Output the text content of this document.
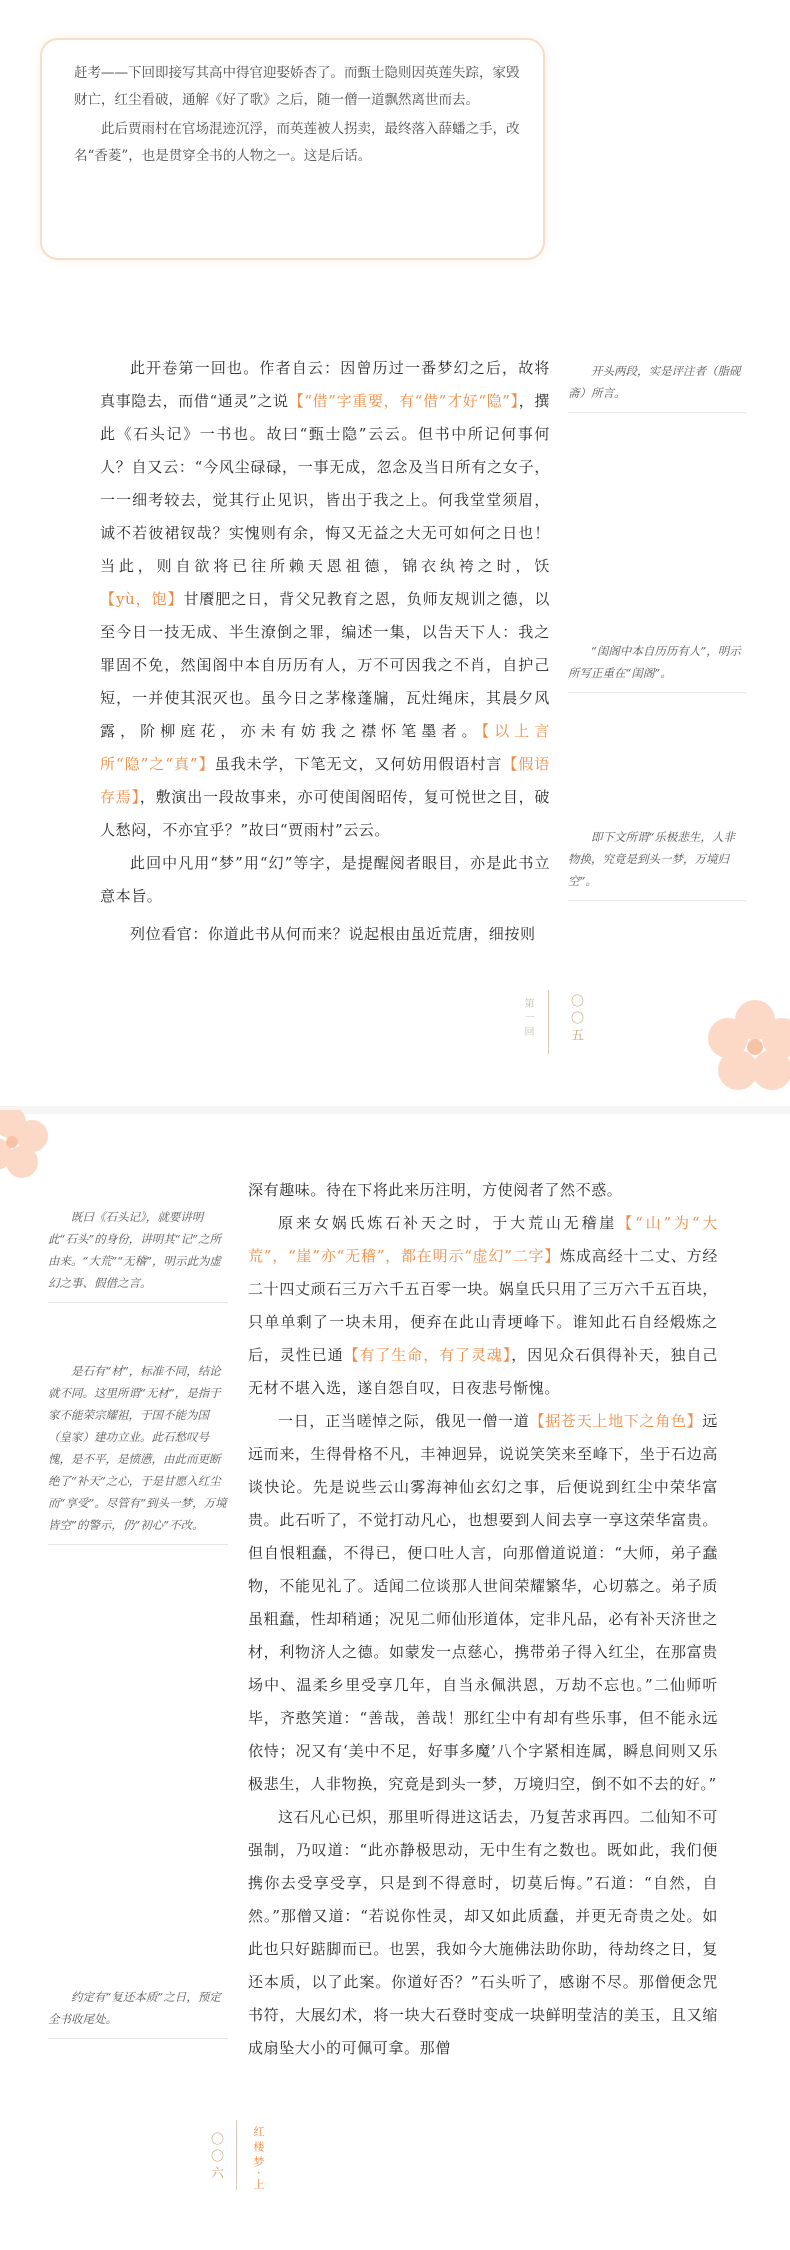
赶考——下回即接写其高中得官迎娶娇杏了。而甄士隐则因英莲失踪，家毁财亡，红尘看破，通解《好了歌》之后，随一僧一道飘然离世而去。

此后贾雨村在官场混迹沉浮，而英莲被人拐卖，最终落入薛蟠之手，改名“香菱”，也是贯穿全书的人物之一。这是后话。

此开卷第一回也。作者自云：因曾历过一番梦幻之后，故将真事隐去，而借“通灵”之说【“借”字重要，有“借”才好“隐”】，撰此《石头记》一书也。故曰“甄士隐”云云。但书中所记何事何人？自又云：“今风尘碌碌，一事无成，忽念及当日所有之女子，一一细考较去，觉其行止见识，皆出于我之上。何我堂堂须眉，诚不若彼裙钗哉？实愧则有余，悔又无益之大无可如何之日也！当此，则自欲将已往所赖天恩祖德，锦衣纨袴之时，饫【yù，饱】甘餍肥之日，背父兄教育之恩，负师友规训之德，以至今日一技无成、半生潦倒之罪，编述一集，以告天下人：我之罪固不免，然闺阁中本自历历有人，万不可因我之不肖，自护己短，一并使其泯灭也。虽今日之茅椽蓬牖，瓦灶绳床，其晨夕风露，阶柳庭花，亦未有妨我之襟怀笔墨者。【以上言所“隐”之“真”】虽我未学，下笔无文，又何妨用假语村言【假语存焉】，敷演出一段故事来，亦可使闺阁昭传，复可悦世之目，破人愁闷，不亦宜乎？”故曰“贾雨村”云云。

此回中凡用“梦”用“幻”等字，是提醒阅者眼目，亦是此书立意本旨。

列位看官：你道此书从何而来？说起根由虽近荒唐，细按则

开头两段，实是评注者（脂砚斋）所言。
“闺阁中本自历历有人”，明示所写正重在“闺阁”。
即下文所谓“乐极悲生，人非物换，究竟是到头一梦，万境归空”。
第一回	〇〇五

深有趣味。待在下将此来历注明，方使阅者了然不惑。

原来女娲氏炼石补天之时，于大荒山无稽崖【“山”为“大荒”，“崖”亦“无稽”，都在明示“虚幻”二字】炼成高经十二丈、方经二十四丈顽石三万六千五百零一块。娲皇氏只用了三万六千五百块，只单单剩了一块未用，便弃在此山青埂峰下。谁知此石自经煅炼之后，灵性已通【有了生命，有了灵魂】，因见众石俱得补天，独自己无材不堪入选，遂自怨自叹，日夜悲号惭愧。

一日，正当嗟悼之际，俄见一僧一道【据苍天上地下之角色】远远而来，生得骨格不凡，丰神迥异，说说笑笑来至峰下，坐于石边高谈快论。先是说些云山雾海神仙玄幻之事，后便说到红尘中荣华富贵。此石听了，不觉打动凡心，也想要到人间去享一享这荣华富贵。但自恨粗蠢，不得已，便口吐人言，向那僧道说道：“大师，弟子蠢物，不能见礼了。适闻二位谈那人世间荣耀繁华，心切慕之。弟子质虽粗蠢，性却稍通；况见二师仙形道体，定非凡品，必有补天济世之材，利物济人之德。如蒙发一点慈心，携带弟子得入红尘，在那富贵场中、温柔乡里受享几年，自当永佩洪恩，万劫不忘也。”二仙师听毕，齐憨笑道：“善哉，善哉！那红尘中有却有些乐事，但不能永远依恃；况又有‘美中不足，好事多魔’八个字紧相连属，瞬息间则又乐极悲生，人非物换，究竟是到头一梦，万境归空，倒不如不去的好。”

这石凡心已炽，那里听得进这话去，乃复苦求再四。二仙知不可强制，乃叹道：“此亦静极思动，无中生有之数也。既如此，我们便携你去受享受享，只是到不得意时，切莫后悔。”石道：“自然，自然。”那僧又道：“若说你性灵，却又如此质蠢，并更无奇贵之处。如此也只好踮脚而已。也罢，我如今大施佛法助你助，待劫终之日，复还本质，以了此案。你道好否？”石头听了，感谢不尽。那僧便念咒书符，大展幻术，将一块大石登时变成一块鲜明莹洁的美玉，且又缩成扇坠大小的可佩可拿。那僧

既曰《石头记》，就要讲明此“石头”的身份，讲明其“记”之所由来。“大荒”“无稽”，明示此为虚幻之事、假借之言。
是石有“材”，标准不同，结论就不同。这里所谓“无材”，是指于家不能荣宗耀祖，于国不能为国（皇家）建功立业。此石愁叹号愧，是不平，是愤懑，由此而更断绝了“补天”之心，于是甘愿入红尘而“享受”。尽管有“到头一梦，万境皆空”的警示，仍“初心”不改。
约定有“复还本质”之日，预定全书收尾处。
〇〇六	红楼梦·上
